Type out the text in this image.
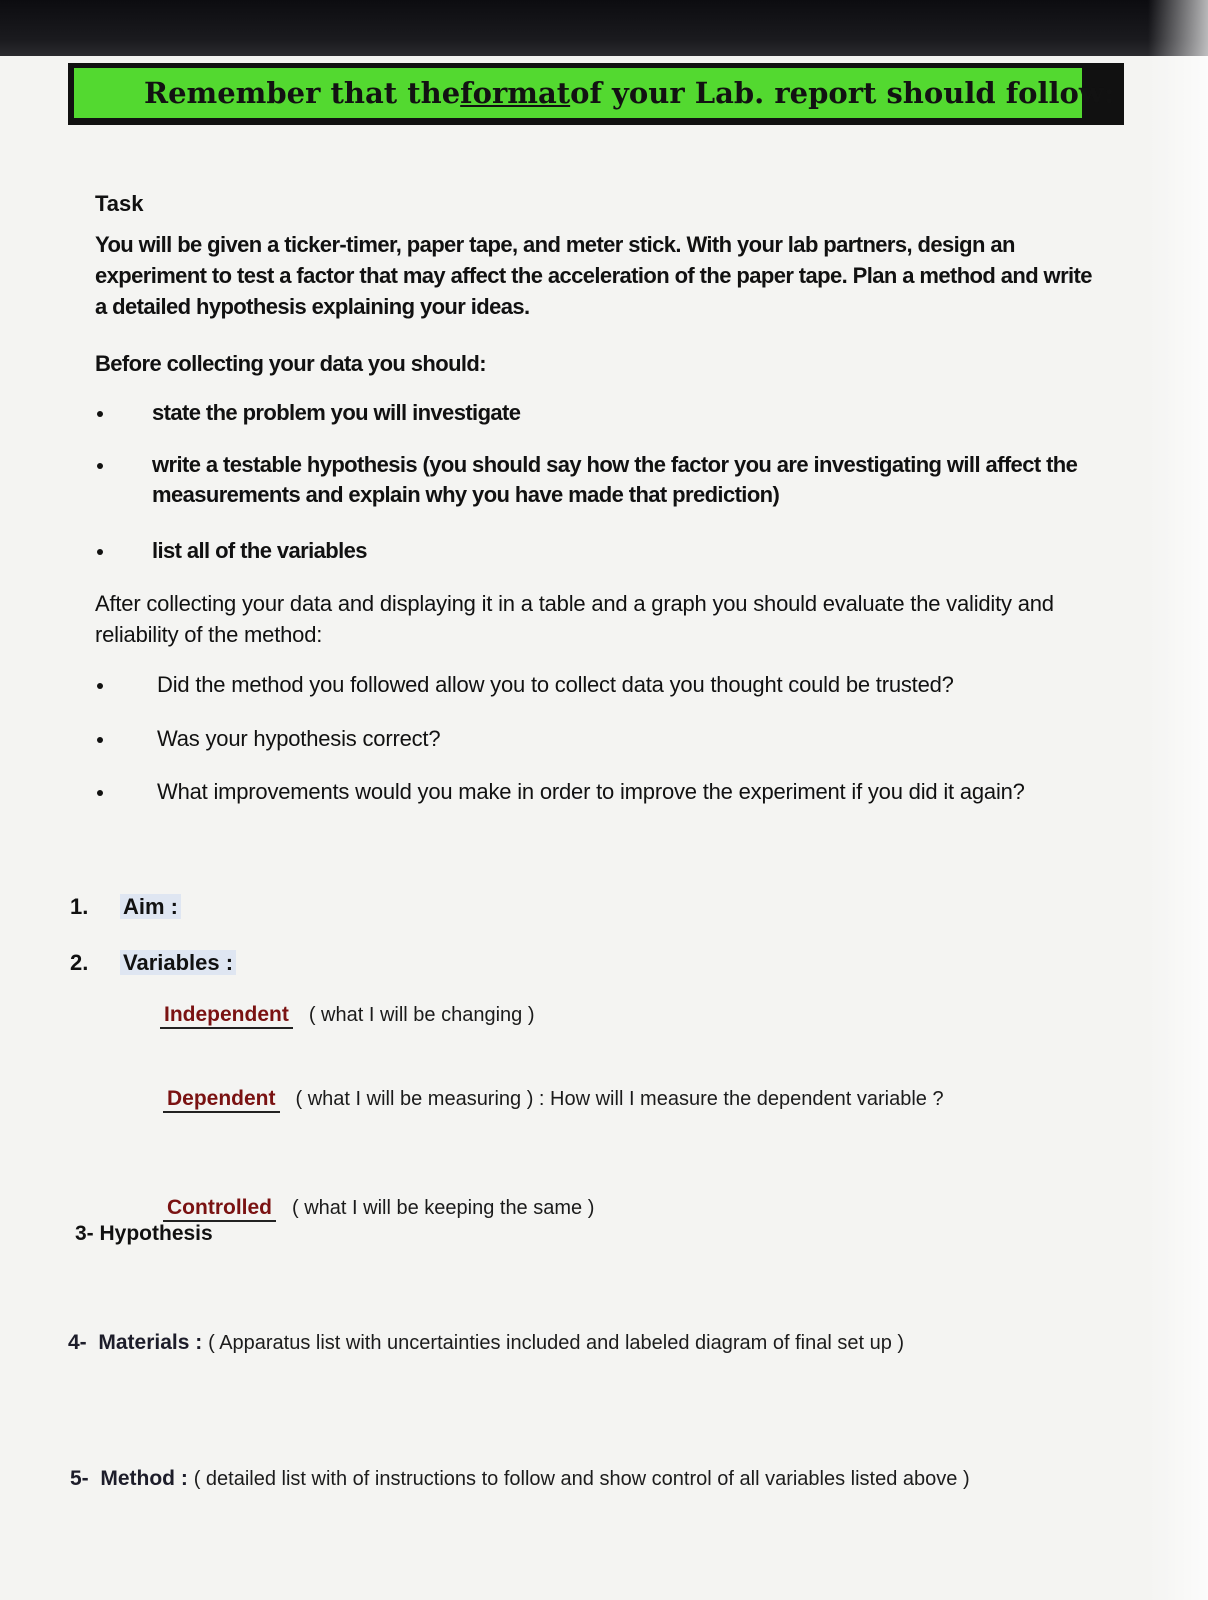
Remember that the format of your Lab. report should follow:
Task
You will be given a ticker-timer, paper tape, and meter stick. With your lab partners, design an experiment to test a factor that may affect the acceleration of the paper tape. Plan a method and write a detailed hypothesis explaining your ideas.
Before collecting your data you should:
state the problem you will investigate
write a testable hypothesis (you should say how the factor you are investigating will affect the measurements and explain why you have made that prediction)
list all of the variables
After collecting your data and displaying it in a table and a graph you should evaluate the validity and reliability of the method:
Did the method you followed allow you to collect data you thought could be trusted?
Was your hypothesis correct?
What improvements would you make in order to improve the experiment if you did it again?
1. Aim :
2. Variables :
Independent ( what I will be changing )
Dependent ( what I will be measuring ) : How will I measure the dependent variable ?
Controlled ( what I will be keeping the same )
3- Hypothesis
4- Materials : ( Apparatus list with uncertainties included and labeled diagram of final set up )
5- Method : ( detailed list with of instructions to follow and show control of all variables listed above )
